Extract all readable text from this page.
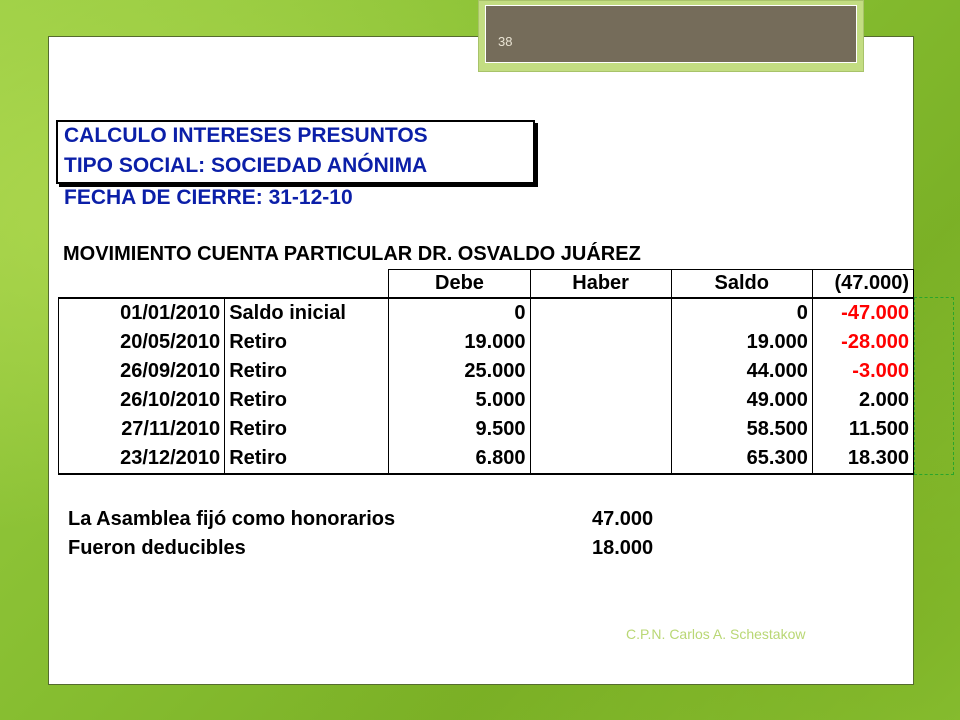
38
CALCULO INTERESES PRESUNTOS
TIPO SOCIAL: SOCIEDAD ANÓNIMA
FECHA DE CIERRE: 31-12-10
MOVIMIENTO CUENTA PARTICULAR DR. OSVALDO JUÁREZ
		Debe	Haber	Saldo	(47.000)
01/01/2010	Saldo inicial	0		0	-47.000
20/05/2010	Retiro	19.000		19.000	-28.000
26/09/2010	Retiro	25.000		44.000	-3.000
26/10/2010	Retiro	5.000		49.000	2.000
27/11/2010	Retiro	9.500		58.500	11.500
23/12/2010	Retiro	6.800		65.300	18.300
La Asamblea fijó como honorarios	47.000
Fueron deducibles	18.000
C.P.N. Carlos A. Schestakow
